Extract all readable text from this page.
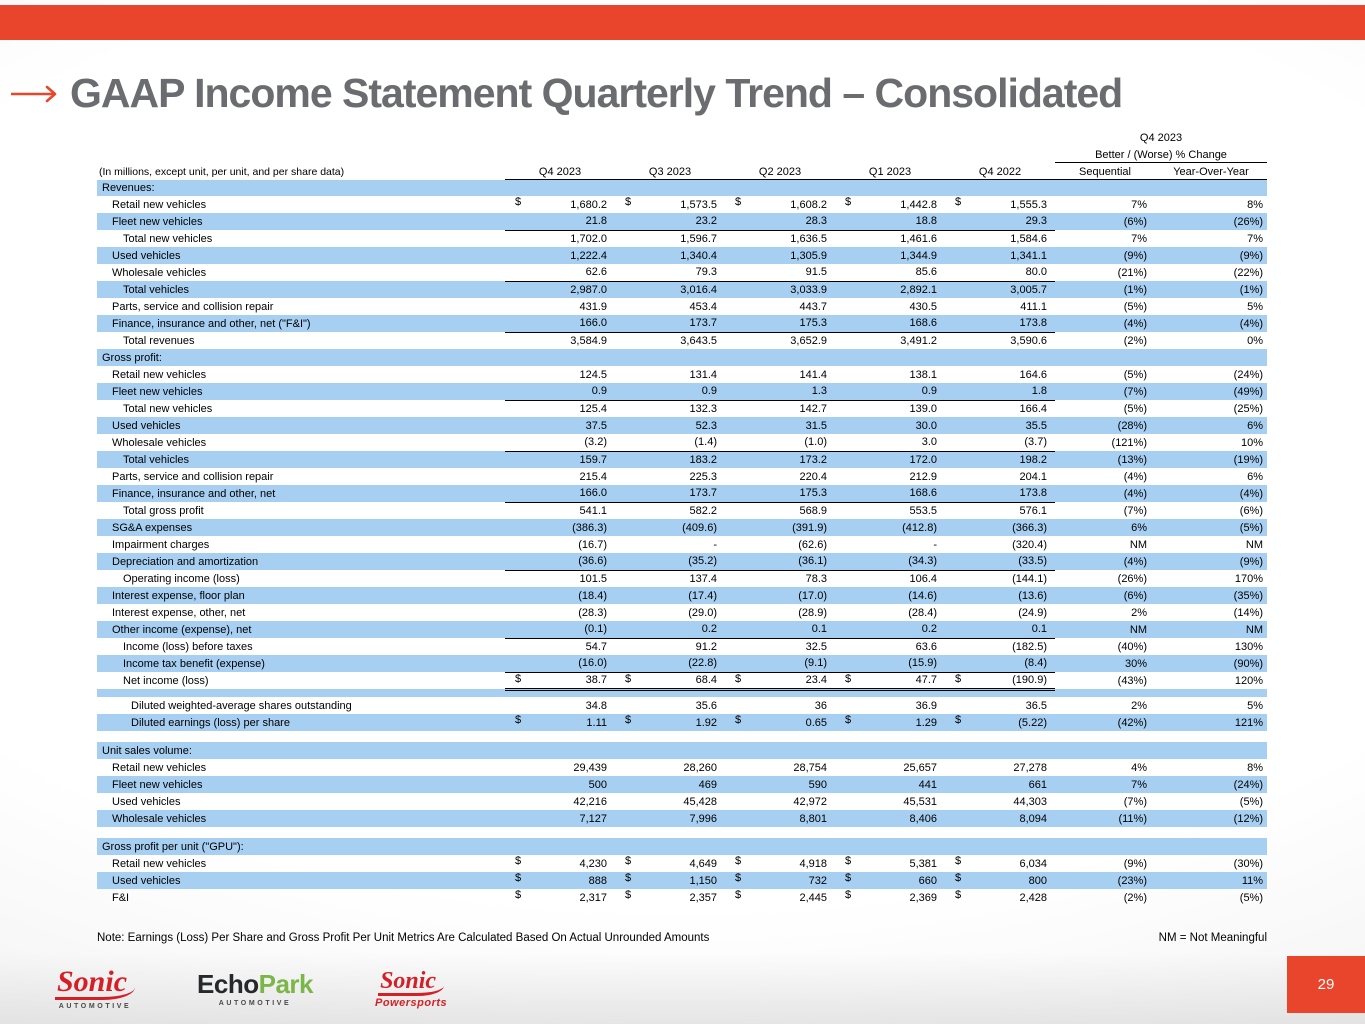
GAAP Income Statement Quarterly Trend – Consolidated
						Q4 2023	
						Better / (Worse) % Change	
(In millions, except unit, per unit, and per share data)	Q4 2023	Q3 2023	Q2 2023	Q1 2023	Q4 2022	Sequential	Year-Over-Year
Revenues:							
Retail new vehicles	$ 1,680.2	$ 1,573.5	$ 1,608.2	$ 1,442.8	$ 1,555.3	7%	8%
Fleet new vehicles	21.8	23.2	28.3	18.8	29.3	(6%)	(26%)
Total new vehicles	1,702.0	1,596.7	1,636.5	1,461.6	1,584.6	7%	7%
Used vehicles	1,222.4	1,340.4	1,305.9	1,344.9	1,341.1	(9%)	(9%)
Wholesale vehicles	62.6	79.3	91.5	85.6	80.0	(21%)	(22%)
Total vehicles	2,987.0	3,016.4	3,033.9	2,892.1	3,005.7	(1%)	(1%)
Parts, service and collision repair	431.9	453.4	443.7	430.5	411.1	(5%)	5%
Finance, insurance and other, net ("F&I")	166.0	173.7	175.3	168.6	173.8	(4%)	(4%)
Total revenues	3,584.9	3,643.5	3,652.9	3,491.2	3,590.6	(2%)	0%
Gross profit:							
Retail new vehicles	124.5	131.4	141.4	138.1	164.6	(5%)	(24%)
Fleet new vehicles	0.9	0.9	1.3	0.9	1.8	(7%)	(49%)
Total new vehicles	125.4	132.3	142.7	139.0	166.4	(5%)	(25%)
Used vehicles	37.5	52.3	31.5	30.0	35.5	(28%)	6%
Wholesale vehicles	(3.2)	(1.4)	(1.0)	3.0	(3.7)	(121%)	10%
Total vehicles	159.7	183.2	173.2	172.0	198.2	(13%)	(19%)
Parts, service and collision repair	215.4	225.3	220.4	212.9	204.1	(4%)	6%
Finance, insurance and other, net	166.0	173.7	175.3	168.6	173.8	(4%)	(4%)
Total gross profit	541.1	582.2	568.9	553.5	576.1	(7%)	(6%)
SG&A expenses	(386.3)	(409.6)	(391.9)	(412.8)	(366.3)	6%	(5%)
Impairment charges	(16.7)	-	(62.6)	-	(320.4)	NM	NM
Depreciation and amortization	(36.6)	(35.2)	(36.1)	(34.3)	(33.5)	(4%)	(9%)
Operating income (loss)	101.5	137.4	78.3	106.4	(144.1)	(26%)	170%
Interest expense, floor plan	(18.4)	(17.4)	(17.0)	(14.6)	(13.6)	(6%)	(35%)
Interest expense, other, net	(28.3)	(29.0)	(28.9)	(28.4)	(24.9)	2%	(14%)
Other income (expense), net	(0.1)	0.2	0.1	0.2	0.1	NM	NM
Income (loss) before taxes	54.7	91.2	32.5	63.6	(182.5)	(40%)	130%
Income tax benefit (expense)	(16.0)	(22.8)	(9.1)	(15.9)	(8.4)	30%	(90%)
Net income (loss)	$ 38.7	$ 68.4	$ 23.4	$ 47.7	$ (190.9)	(43%)	120%

Diluted weighted-average shares outstanding	34.8	35.6	36	36.9	36.5	2%	5%
Diluted earnings (loss) per share	$ 1.11	$ 1.92	$ 0.65	$ 1.29	$ (5.22)	(42%)	121%

Unit sales volume:							
Retail new vehicles	29,439	28,260	28,754	25,657	27,278	4%	8%
Fleet new vehicles	500	469	590	441	661	7%	(24%)
Used vehicles	42,216	45,428	42,972	45,531	44,303	(7%)	(5%)
Wholesale vehicles	7,127	7,996	8,801	8,406	8,094	(11%)	(12%)

Gross profit per unit ("GPU"):							
Retail new vehicles	$ 4,230	$ 4,649	$ 4,918	$ 5,381	$ 6,034	(9%)	(30%)
Used vehicles	$ 888	$ 1,150	$ 732	$ 660	$ 800	(23%)	11%
F&I	$ 2,317	$ 2,357	$ 2,445	$ 2,369	$ 2,428	(2%)	(5%)
Note: Earnings (Loss) Per Share and Gross Profit Per Unit Metrics Are Calculated Based On Actual Unrounded Amounts	NM = Not Meaningful
Sonic
AUTOMOTIVE
EchoPark
AUTOMOTIVE
Sonic
Powersports
29
